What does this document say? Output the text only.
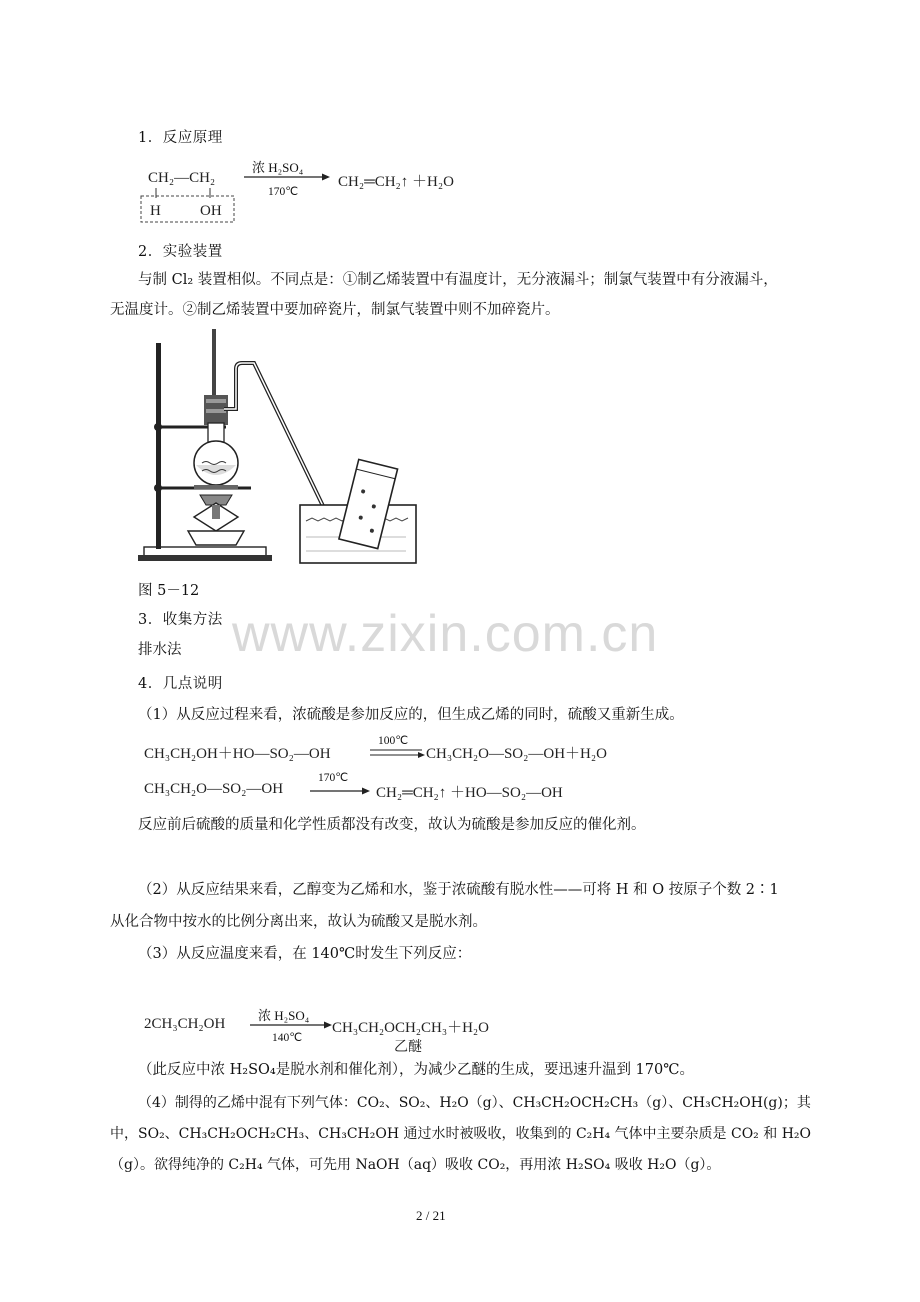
1．反应原理
CH₂—CH₂
H	OH
浓 H₂SO₄
170℃
CH₂═CH₂↑ ＋H₂O
2．实验装置
与制 Cl₂ 装置相似。不同点是：①制乙烯装置中有温度计，无分液漏斗；制氯气装置中有分液漏斗，
无温度计。②制乙烯装置中要加碎瓷片，制氯气装置中则不加碎瓷片。
图 5－12
www.zixin.com.cn
3．收集方法
排水法
4．几点说明
（1）从反应过程来看，浓硫酸是参加反应的，但生成乙烯的同时，硫酸又重新生成。
CH₃CH₂OH＋HO—SO₂—OH
100℃
CH₃CH₂O—SO₂—OH＋H₂O
CH₃CH₂O—SO₂—OH
170℃
CH₂═CH₂↑ ＋HO—SO₂—OH
反应前后硫酸的质量和化学性质都没有改变，故认为硫酸是参加反应的催化剂。
（2）从反应结果来看，乙醇变为乙烯和水，鉴于浓硫酸有脱水性——可将 H 和 O 按原子个数 2∶1
从化合物中按水的比例分离出来，故认为硫酸又是脱水剂。
（3）从反应温度来看，在 140℃时发生下列反应：
2CH₃CH₂OH
浓 H₂SO₄
140℃
CH₃CH₂OCH₂CH₃＋H₂O
乙醚
（此反应中浓 H₂SO₄是脱水剂和催化剂），为减少乙醚的生成，要迅速升温到 170℃。
（4）制得的乙烯中混有下列气体：CO₂、SO₂、H₂O（g）、CH₃CH₂OCH₂CH₃（g）、CH₃CH₂OH(g)；其
中，SO₂、CH₃CH₂OCH₂CH₃、CH₃CH₂OH 通过水时被吸收，收集到的 C₂H₄ 气体中主要杂质是 CO₂ 和 H₂O
（g）。欲得纯净的 C₂H₄ 气体，可先用 NaOH（aq）吸收 CO₂，再用浓 H₂SO₄ 吸收 H₂O（g）。
2 / 21
